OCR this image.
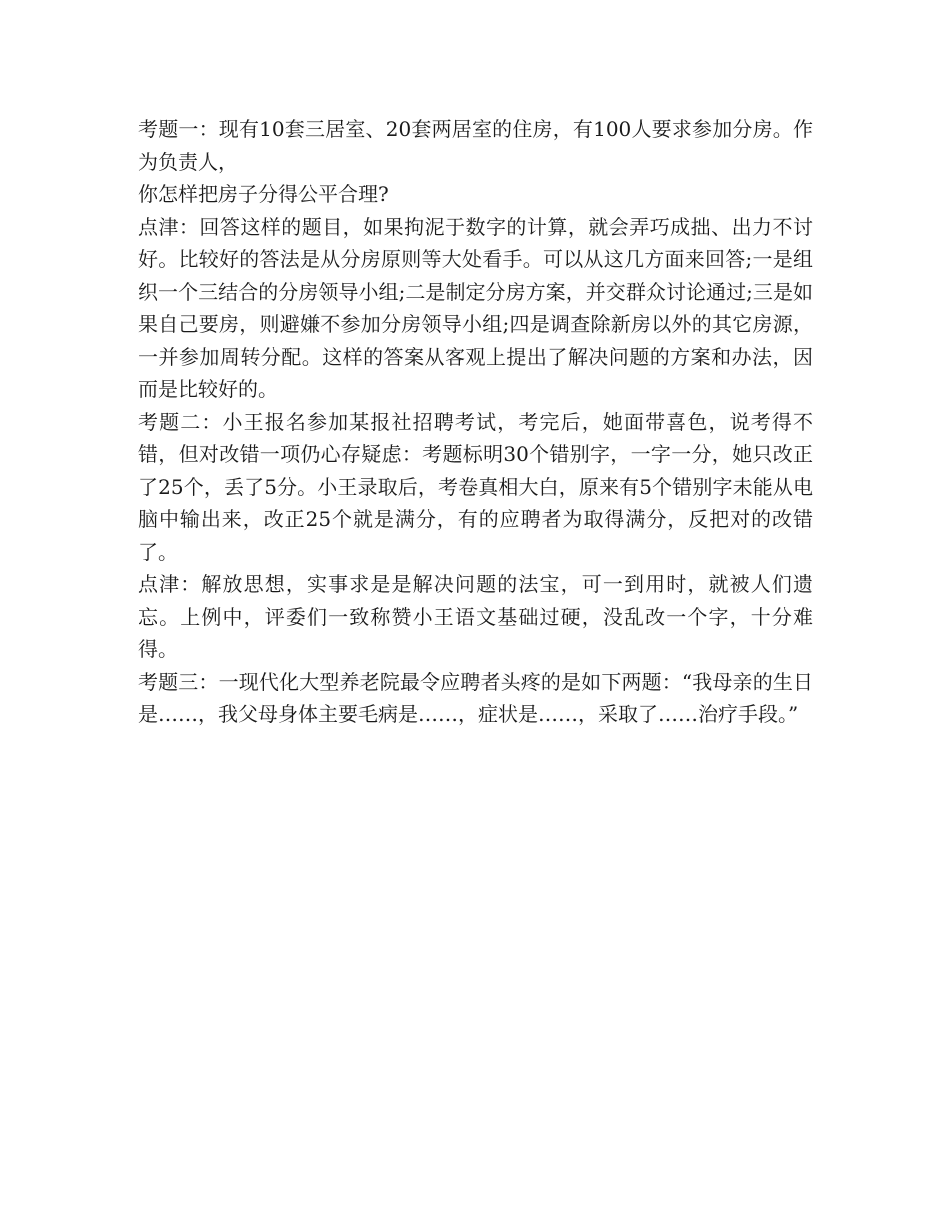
考题一：现有10套三居室、20套两居室的住房，有100人要求参加分房。作为负责人，

你怎样把房子分得公平合理?

点津：回答这样的题目，如果拘泥于数字的计算，就会弄巧成拙、出力不讨好。比较好的答法是从分房原则等大处看手。可以从这几方面来回答;一是组织一个三结合的分房领导小组;二是制定分房方案，并交群众讨论通过;三是如果自己要房，则避嫌不参加分房领导小组;四是调查除新房以外的其它房源，一并参加周转分配。这样的答案从客观上提出了解决问题的方案和办法，因而是比较好的。

考题二：小王报名参加某报社招聘考试，考完后，她面带喜色，说考得不错，但对改错一项仍心存疑虑：考题标明30个错别字，一字一分，她只改正了25个，丢了5分。小王录取后，考卷真相大白，原来有5个错别字未能从电脑中输出来，改正25个就是满分，有的应聘者为取得满分，反把对的改错了。

点津：解放思想，实事求是是解决问题的法宝，可一到用时，就被人们遗忘。上例中，评委们一致称赞小王语文基础过硬，没乱改一个字，十分难得。

考题三：一现代化大型养老院最令应聘者头疼的是如下两题：“我母亲的生日是……，我父母身体主要毛病是……，症状是……，采取了……治疗手段。”
